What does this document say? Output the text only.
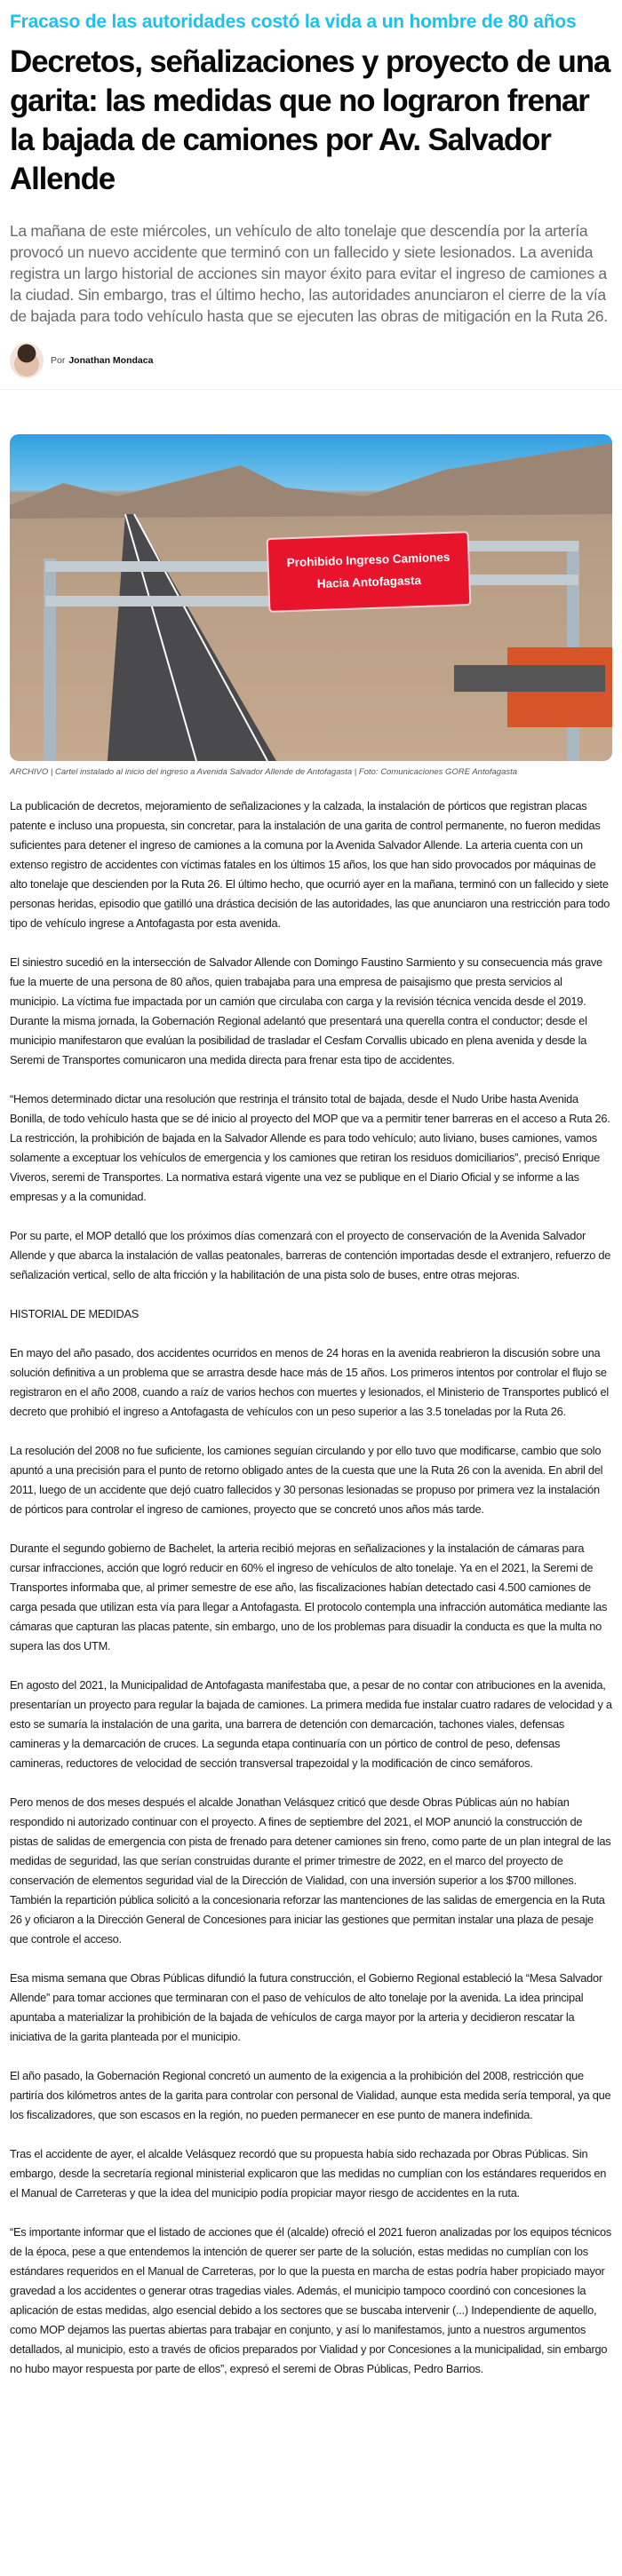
Fracaso de las autoridades costó la vida a un hombre de 80 años
Decretos, señalizaciones y proyecto de una garita: las medidas que no lograron frenar la bajada de camiones por Av. Salvador Allende

La mañana de este miércoles, un vehículo de alto tonelaje que descendía por la artería provocó un nuevo accidente que terminó con un fallecido y siete lesionados. La avenida registra un largo historial de acciones sin mayor éxito para evitar el ingreso de camiones a la ciudad. Sin embargo, tras el último hecho, las autoridades anunciaron el cierre de la vía de bajada para todo vehículo hasta que se ejecuten las obras de mitigación en la Ruta 26.

Por Jonathan Mondaca
Prohibido Ingreso Camiones
Hacia Antofagasta
ARCHIVO | Cartel instalado al inicio del ingreso a Avenida Salvador Allende de Antofagasta | Foto: Comunicaciones GORE Antofagasta

La publicación de decretos, mejoramiento de señalizaciones y la calzada, la instalación de pórticos que registran placas patente e incluso una propuesta, sin concretar, para la instalación de una garita de control permanente, no fueron medidas suficientes para detener el ingreso de camiones a la comuna por la Avenida Salvador Allende. La arteria cuenta con un extenso registro de accidentes con víctimas fatales en los últimos 15 años, los que han sido provocados por máquinas de alto tonelaje que descienden por la Ruta 26. El último hecho, que ocurrió ayer en la mañana, terminó con un fallecido y siete personas heridas, episodio que gatilló una drástica decisión de las autoridades, las que anunciaron una restricción para todo tipo de vehículo ingrese a Antofagasta por esta avenida.

El siniestro sucedió en la intersección de Salvador Allende con Domingo Faustino Sarmiento y su consecuencia más grave fue la muerte de una persona de 80 años, quien trabajaba para una empresa de paisajismo que presta servicios al municipio. La víctima fue impactada por un camión que circulaba con carga y la revisión técnica vencida desde el 2019. Durante la misma jornada, la Gobernación Regional adelantó que presentará una querella contra el conductor; desde el municipio manifestaron que evalúan la posibilidad de trasladar el Cesfam Corvallis ubicado en plena avenida y desde la Seremi de Transportes comunicaron una medida directa para frenar esta tipo de accidentes.

“Hemos determinado dictar una resolución que restrinja el tránsito total de bajada, desde el Nudo Uribe hasta Avenida Bonilla, de todo vehículo hasta que se dé inicio al proyecto del MOP que va a permitir tener barreras en el acceso a Ruta 26. La restricción, la prohibición de bajada en la Salvador Allende es para todo vehículo; auto liviano, buses camiones, vamos solamente a exceptuar los vehículos de emergencia y los camiones que retiran los residuos domiciliarios”, precisó Enrique Viveros, seremi de Transportes. La normativa estará vigente una vez se publique en el Diario Oficial y se informe a las empresas y a la comunidad.

Por su parte, el MOP detalló que los próximos días comenzará con el proyecto de conservación de la Avenida Salvador Allende y que abarca la instalación de vallas peatonales, barreras de contención importadas desde el extranjero, refuerzo de señalización vertical, sello de alta fricción y la habilitación de una pista solo de buses, entre otras mejoras.

HISTORIAL DE MEDIDAS

En mayo del año pasado, dos accidentes ocurridos en menos de 24 horas en la avenida reabrieron la discusión sobre una solución definitiva a un problema que se arrastra desde hace más de 15 años. Los primeros intentos por controlar el flujo se registraron en el año 2008, cuando a raíz de varios hechos con muertes y lesionados, el Ministerio de Transportes publicó el decreto que prohibió el ingreso a Antofagasta de vehículos con un peso superior a las 3.5 toneladas por la Ruta 26.

La resolución del 2008 no fue suficiente, los camiones seguían circulando y por ello tuvo que modificarse, cambio que solo apuntó a una precisión para el punto de retorno obligado antes de la cuesta que une la Ruta 26 con la avenida. En abril del 2011, luego de un accidente que dejó cuatro fallecidos y 30 personas lesionadas se propuso por primera vez la instalación de pórticos para controlar el ingreso de camiones, proyecto que se concretó unos años más tarde.

Durante el segundo gobierno de Bachelet, la arteria recibió mejoras en señalizaciones y la instalación de cámaras para cursar infracciones, acción que logró reducir en 60% el ingreso de vehículos de alto tonelaje. Ya en el 2021, la Seremi de Transportes informaba que, al primer semestre de ese año, las fiscalizaciones habían detectado casi 4.500 camiones de carga pesada que utilizan esta vía para llegar a Antofagasta. El protocolo contempla una infracción automática mediante las cámaras que capturan las placas patente, sin embargo, uno de los problemas para disuadir la conducta es que la multa no supera las dos UTM.

En agosto del 2021, la Municipalidad de Antofagasta manifestaba que, a pesar de no contar con atribuciones en la avenida, presentarían un proyecto para regular la bajada de camiones. La primera medida fue instalar cuatro radares de velocidad y a esto se sumaría la instalación de una garita, una barrera de detención con demarcación, tachones viales, defensas camineras y la demarcación de cruces. La segunda etapa continuaría con un pórtico de control de peso, defensas camineras, reductores de velocidad de sección transversal trapezoidal y la modificación de cinco semáforos.

Pero menos de dos meses después el alcalde Jonathan Velásquez criticó que desde Obras Públicas aún no habían respondido ni autorizado continuar con el proyecto. A fines de septiembre del 2021, el MOP anunció la construcción de pistas de salidas de emergencia con pista de frenado para detener camiones sin freno, como parte de un plan integral de las medidas de seguridad, las que serían construidas durante el primer trimestre de 2022, en el marco del proyecto de conservación de elementos seguridad vial de la Dirección de Vialidad, con una inversión superior a los $700 millones. También la repartición pública solicitó a la concesionaria reforzar las mantenciones de las salidas de emergencia en la Ruta 26 y oficiaron a la Dirección General de Concesiones para iniciar las gestiones que permitan instalar una plaza de pesaje que controle el acceso.

Esa misma semana que Obras Públicas difundió la futura construcción, el Gobierno Regional estableció la “Mesa Salvador Allende” para tomar acciones que terminaran con el paso de vehículos de alto tonelaje por la avenida. La idea principal apuntaba a materializar la prohibición de la bajada de vehículos de carga mayor por la arteria y decidieron rescatar la iniciativa de la garita planteada por el municipio.

El año pasado, la Gobernación Regional concretó un aumento de la exigencia a la prohibición del 2008, restricción que partiría dos kilómetros antes de la garita para controlar con personal de Vialidad, aunque esta medida sería temporal, ya que los fiscalizadores, que son escasos en la región, no pueden permanecer en ese punto de manera indefinida.

Tras el accidente de ayer, el alcalde Velásquez recordó que su propuesta había sido rechazada por Obras Públicas. Sin embargo, desde la secretaría regional ministerial explicaron que las medidas no cumplían con los estándares requeridos en el Manual de Carreteras y que la idea del municipio podía propiciar mayor riesgo de accidentes en la ruta.

“Es importante informar que el listado de acciones que él (alcalde) ofreció el 2021 fueron analizadas por los equipos técnicos de la época, pese a que entendemos la intención de querer ser parte de la solución, estas medidas no cumplían con los estándares requeridos en el Manual de Carreteras, por lo que la puesta en marcha de estas podría haber propiciado mayor gravedad a los accidentes o generar otras tragedias viales. Además, el municipio tampoco coordinó con concesiones la aplicación de estas medidas, algo esencial debido a los sectores que se buscaba intervenir (...) Independiente de aquello, como MOP dejamos las puertas abiertas para trabajar en conjunto, y así lo manifestamos, junto a nuestros argumentos detallados, al municipio, esto a través de oficios preparados por Vialidad y por Concesiones a la municipalidad, sin embargo no hubo mayor respuesta por parte de ellos”, expresó el seremi de Obras Públicas, Pedro Barrios.
